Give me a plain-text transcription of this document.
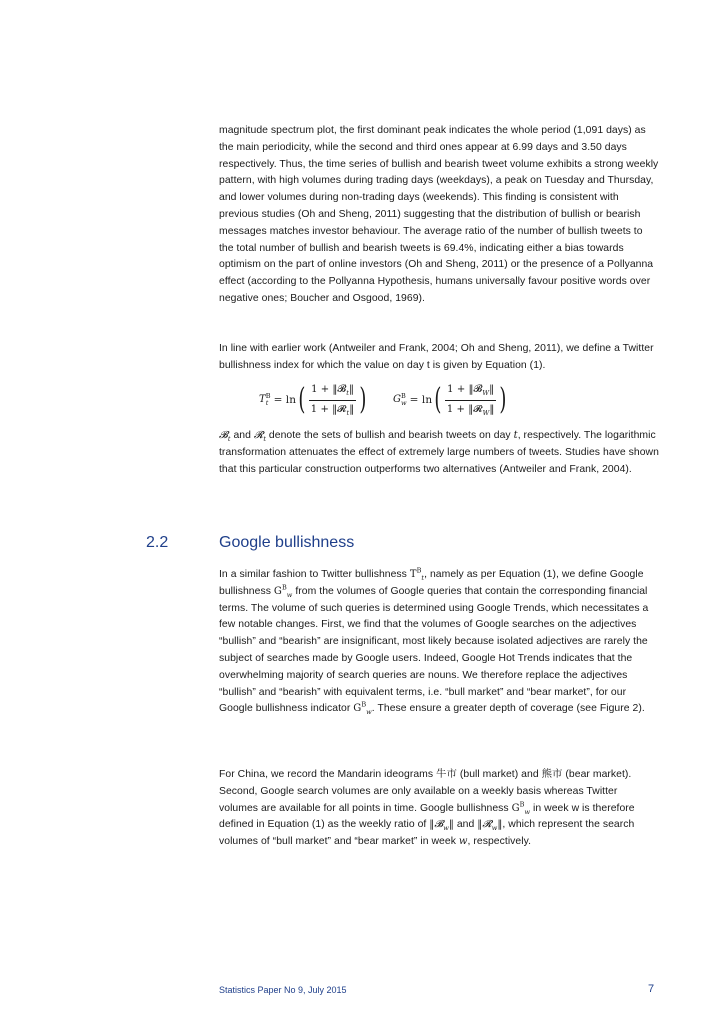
magnitude spectrum plot, the first dominant peak indicates the whole period (1,091 days) as the main periodicity, while the second and third ones appear at 6.99 days and 3.50 days respectively. Thus, the time series of bullish and bearish tweet volume exhibits a strong weekly pattern, with high volumes during trading days (weekdays), a peak on Tuesday and Thursday, and lower volumes during non-trading days (weekends). This finding is consistent with previous studies (Oh and Sheng, 2011) suggesting that the distribution of bullish or bearish messages matches investor behaviour. The average ratio of the number of bullish tweets to the total number of bullish and bearish tweets is 69.4%, indicating either a bias towards optimism on the part of online investors (Oh and Sheng, 2011) or the presence of a Pollyanna effect (according to the Pollyanna Hypothesis, humans universally favour positive words over negative ones; Boucher and Osgood, 1969).

In line with earlier work (Antweiler and Frank, 2004; Oh and Sheng, 2011), we define a Twitter bullishness index for which the value on day t is given by Equation (1).

T B
t = ln ( $\frac{1 + ‖𝓑_t‖}{1 + ‖𝓡_t‖}$ )	G B
w = ln ( $\frac{1 + ‖𝓑_W‖}{1 + ‖𝓡_W‖}$ )

𝓑$_t$ and 𝓡$_t$ denote the sets of bullish and bearish tweets on day t, respectively. The logarithmic transformation attenuates the effect of extremely large numbers of tweets. Studies have shown that this particular construction outperforms two alternatives (Antweiler and Frank, 2004).

2.2	Google bullishness

In a similar fashion to Twitter bullishness $T^B_t$, namely as per Equation (1), we define Google bullishness $G^B_w$ from the volumes of Google queries that contain the corresponding financial terms. The volume of such queries is determined using Google Trends, which necessitates a few notable changes. First, we find that the volumes of Google searches on the adjectives “bullish” and “bearish” are insignificant, most likely because isolated adjectives are rarely the subject of searches made by Google users. Indeed, Google Hot Trends indicates that the overwhelming majority of search queries are nouns. We therefore replace the adjectives “bullish” and “bearish” with equivalent terms, i.e. “bull market” and “bear market”, for our Google bullishness indicator $G^B_w$. These ensure a greater depth of coverage (see Figure 2).

For China, we record the Mandarin ideograms 牛市 (bull market) and 熊市 (bear market). Second, Google search volumes are only available on a weekly basis whereas Twitter volumes are available for all points in time. Google bullishness $G^B_w$ in week w is therefore defined in Equation (1) as the weekly ratio of ‖𝓑$_w$‖ and ‖𝓡$_w$‖, which represent the search volumes of “bull market” and “bear market” in week w, respectively.

Statistics Paper No 9, July 2015	7
